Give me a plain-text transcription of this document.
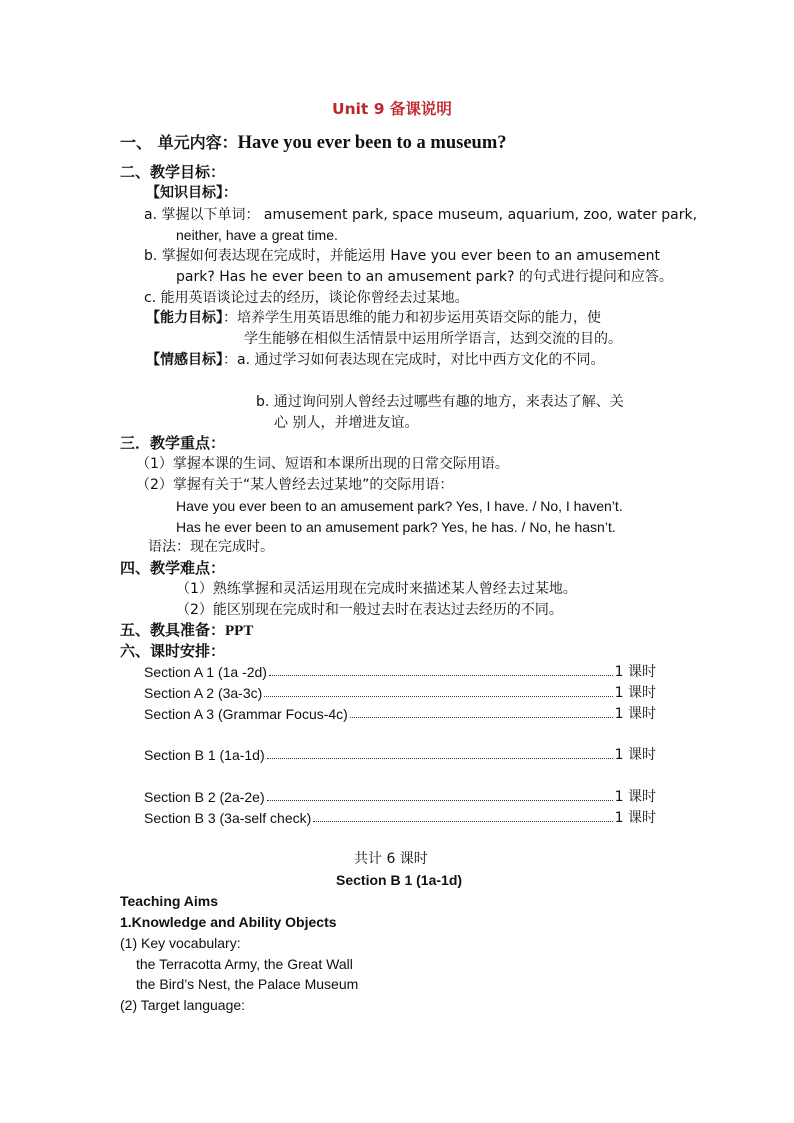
Unit 9 备课说明
一、 单元内容：Have you ever been to a museum?
二、教学目标：
【知识目标】：
a. 掌握以下单词： amusement park, space museum, aquarium, zoo, water park,
neither, have a great time.
b. 掌握如何表达现在完成时，并能运用 Have you ever been to an amusement
park? Has he ever been to an amusement park? 的句式进行提问和应答。
c. 能用英语谈论过去的经历，谈论你曾经去过某地。
【能力目标】：培养学生用英语思维的能力和初步运用英语交际的能力，使
学生能够在相似生活情景中运用所学语言，达到交流的目的。
【情感目标】：a. 通过学习如何表达现在完成时，对比中西方文化的不同。
b. 通过询问别人曾经去过哪些有趣的地方，来表达了解、关
心 别人，并增进友谊。
三．教学重点：
（1）掌握本课的生词、短语和本课所出现的日常交际用语。
（2）掌握有关于“某人曾经去过某地”的交际用语：
Have you ever been to an amusement park? Yes, I have. / No, I haven’t.
Has he ever been to an amusement park? Yes, he has. / No, he hasn’t.
语法：现在完成时。
四、教学难点：
（1）熟练掌握和灵活运用现在完成时来描述某人曾经去过某地。
（2）能区别现在完成时和一般过去时在表达过去经历的不同。
五、教具准备：PPT
六、课时安排：
Section A 1 (1a -2d)	1 课时
Section A 2 (3a-3c)	1 课时
Section A 3 (Grammar Focus-4c)	1 课时
Section B 1 (1a-1d)	1 课时
Section B 2 (2a-2e)	1 课时
Section B 3 (3a-self check)	1 课时
共计 6 课时
Section B 1 (1a-1d)
Teaching Aims
1.Knowledge and Ability Objects
(1) Key vocabulary:
the Terracotta Army, the Great Wall
the Bird’s Nest, the Palace Museum
(2) Target language:
